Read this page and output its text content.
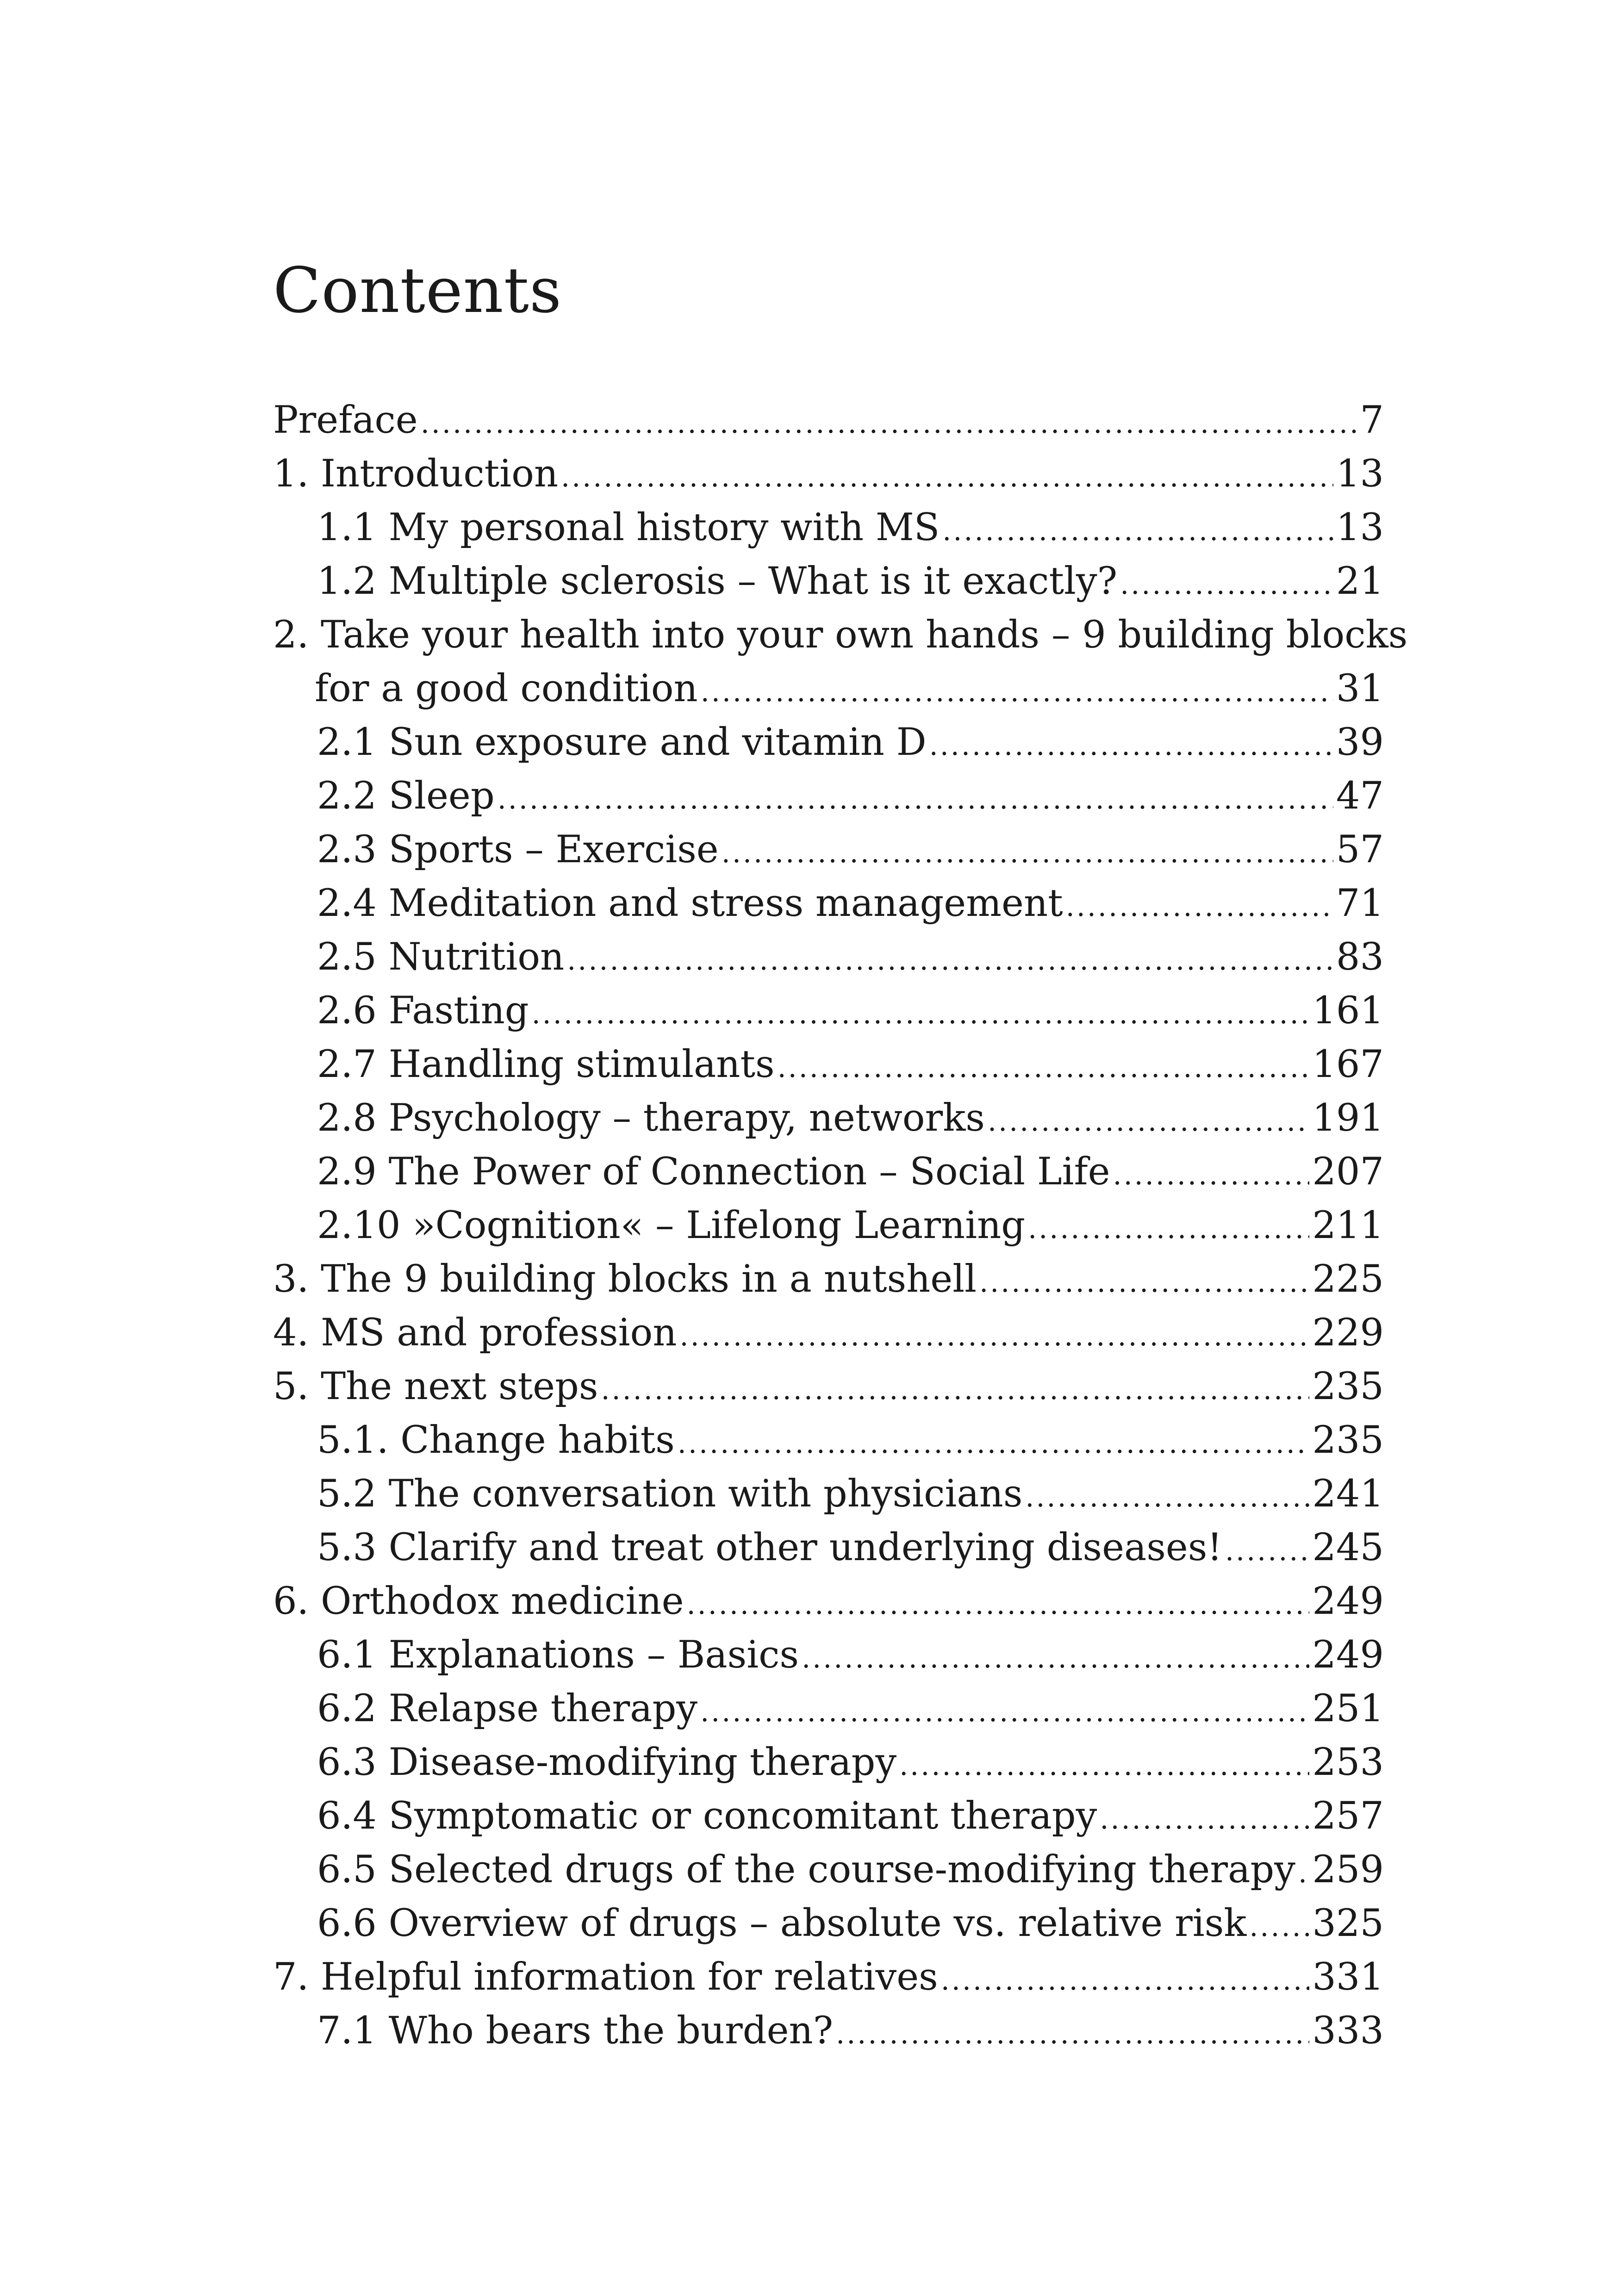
Contents
Preface .....	7
1. Introduction .....	13
1.1 My personal history with MS .....	13
1.2 Multiple sclerosis – What is it exactly? .....	21
2. Take your health into your own hands – 9 building blocks
for a good condition .....	31
2.1 Sun exposure and vitamin D .....	39
2.2 Sleep .....	47
2.3 Sports – Exercise .....	57
2.4 Meditation and stress management .....	71
2.5 Nutrition .....	83
2.6 Fasting .....	161
2.7 Handling stimulants .....	167
2.8 Psychology – therapy, networks .....	191
2.9 The Power of Connection – Social Life .....	207
2.10 »Cognition« – Lifelong Learning .....	211
3. The 9 building blocks in a nutshell .....	225
4. MS and profession .....	229
5. The next steps .....	235
5.1. Change habits .....	235
5.2 The conversation with physicians .....	241
5.3 Clarify and treat other underlying diseases! ..... 245
6. Orthodox medicine .....	249
6.1 Explanations – Basics .....	249
6.2 Relapse therapy .....	251
6.3 Disease-modifying therapy .....	253
6.4 Symptomatic or concomitant therapy .....	257
6.5 Selected drugs of the course-modifying therapy ..... 259
6.6 Overview of drugs – absolute vs. relative risk ..... 325
7. Helpful information for relatives .....	331
7.1 Who bears the burden? .....	333
